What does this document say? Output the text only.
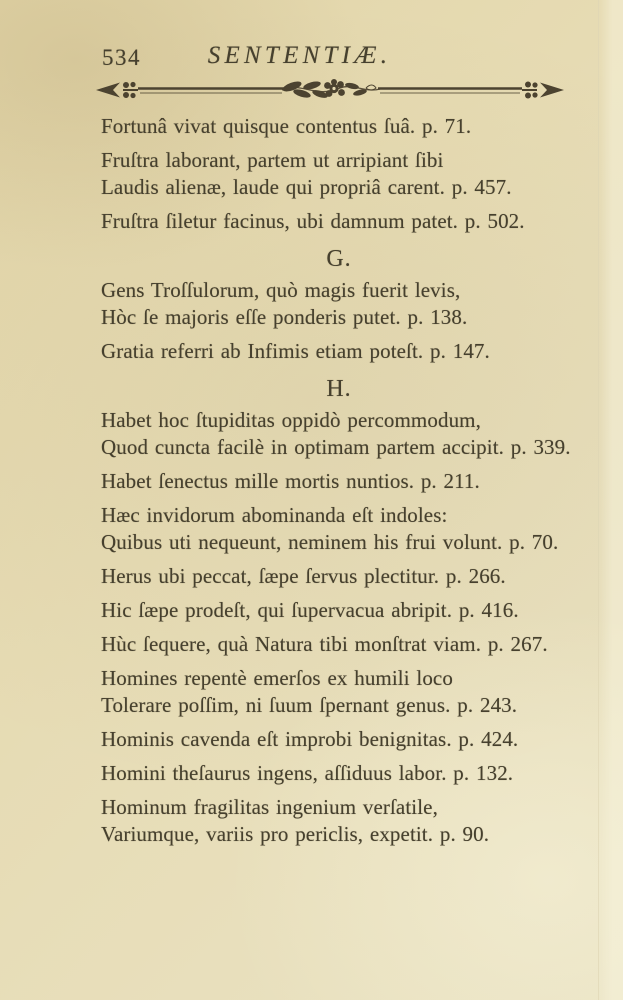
534	SENTENTIÆ.

Fortunâ vivat quisque contentus ſuâ. p. 71.

Fruſtra laborant, partem ut arripiant ſibi
Laudis alienæ, laude qui propriâ carent. p. 457.

Fruſtra ſiletur facinus, ubi damnum patet. p. 502.

G.

Gens Troſſulorum, quò magis fuerit levis,
Hòc ſe majoris eſſe ponderis putet. p. 138.

Gratia referri ab Infimis etiam poteſt. p. 147.

H.

Habet hoc ſtupiditas oppidò percommodum,
Quod cuncta facilè in optimam partem accipit. p. 339.

Habet ſenectus mille mortis nuntios. p. 211.

Hæc invidorum abominanda eſt indoles:
Quibus uti nequeunt, neminem his frui volunt. p. 70.

Herus ubi peccat, ſæpe ſervus plectitur. p. 266.

Hic ſæpe prodeſt, qui ſupervacua abripit. p. 416.

Hùc ſequere, quà Natura tibi monſtrat viam. p. 267.

Homines repentè emerſos ex humili loco
Tolerare poſſim, ni ſuum ſpernant genus. p. 243.

Hominis cavenda eſt improbi benignitas. p. 424.

Homini theſaurus ingens, aſſiduus labor. p. 132.

Hominum fragilitas ingenium verſatile,
Variumque, variis pro periclis, expetit. p. 90.
